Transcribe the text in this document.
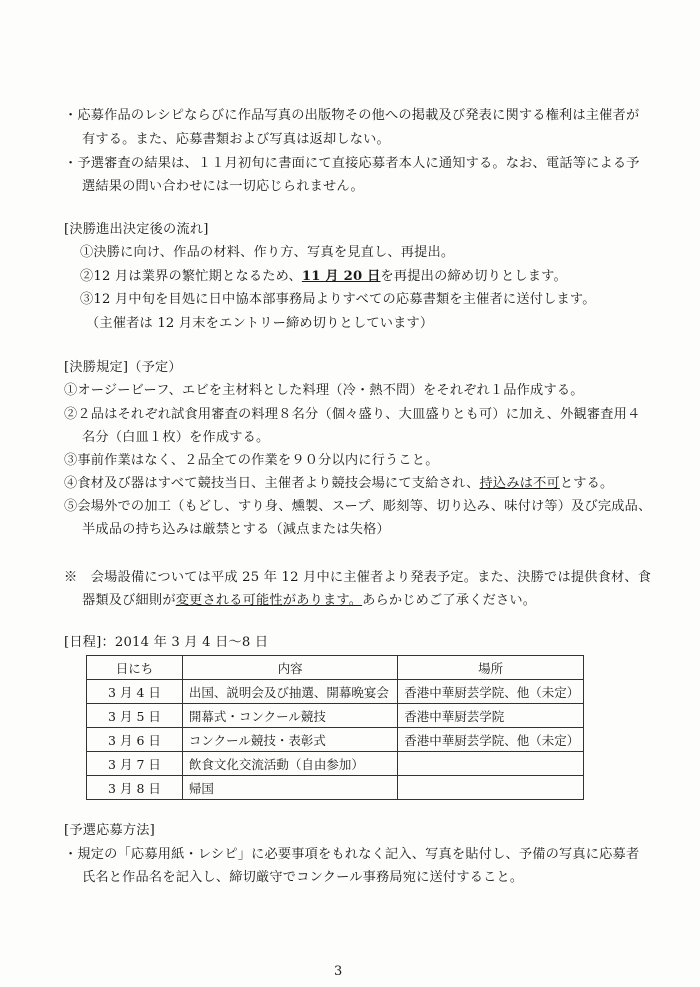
・応募作品のレシピならびに作品写真の出版物その他への掲載及び発表に関する権利は主催者が
有する。また、応募書類および写真は返却しない。
・予選審査の結果は、１１月初旬に書面にて直接応募者本人に通知する。なお、電話等による予
選結果の問い合わせには一切応じられません。
[決勝進出決定後の流れ]
①決勝に向け、作品の材料、作り方、写真を見直し、再提出。
②12 月は業界の繁忙期となるため、11 月 20 日を再提出の締め切りとします。
③12 月中旬を目処に日中協本部事務局よりすべての応募書類を主催者に送付します。
（主催者は 12 月末をエントリー締め切りとしています）
[決勝規定]（予定）
①オージービーフ、エビを主材料とした料理（冷・熱不問）をそれぞれ１品作成する。
②２品はそれぞれ試食用審査の料理８名分（個々盛り、大皿盛りとも可）に加え、外観審査用４
名分（白皿１枚）を作成する。
③事前作業はなく、２品全ての作業を９０分以内に行うこと。
④食材及び器はすべて競技当日、主催者より競技会場にて支給され、持込みは不可とする。
⑤会場外での加工（もどし、すり身、燻製、スープ、彫刻等、切り込み、味付け等）及び完成品、
半成品の持ち込みは厳禁とする（減点または失格）
※　会場設備については平成 25 年 12 月中に主催者より発表予定。また、決勝では提供食材、食
器類及び細則が変更される可能性があります。あらかじめご了承ください。
[日程]：2014 年 3 月 4 日～8 日
日にち	内容	場所
3 月 4 日	出国、説明会及び抽選、開幕晩宴会	香港中華厨芸学院、他（未定）
3 月 5 日	開幕式・コンクール競技	香港中華厨芸学院
3 月 6 日	コンクール競技・表彰式	香港中華厨芸学院、他（未定）
3 月 7 日	飲食文化交流活動（自由参加）	
3 月 8 日	帰国	
[予選応募方法]
・規定の「応募用紙・レシピ」に必要事項をもれなく記入、写真を貼付し、予備の写真に応募者
氏名と作品名を記入し、締切厳守でコンクール事務局宛に送付すること。
3
